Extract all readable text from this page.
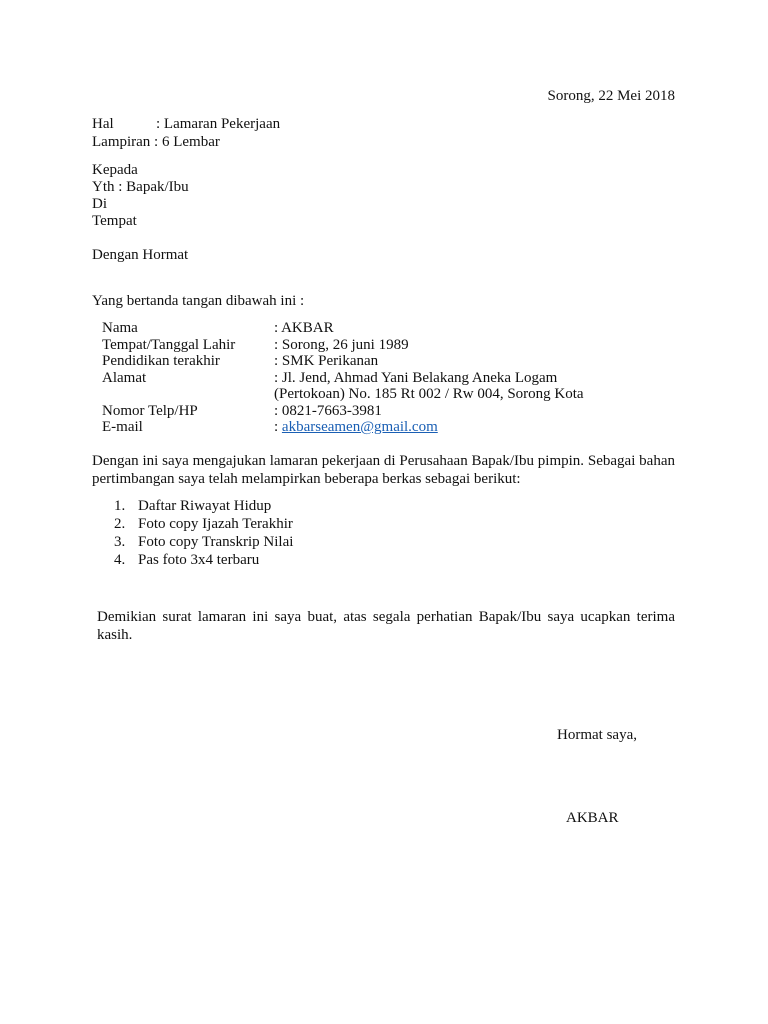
Sorong, 22 Mei 2018
Hal	: Lamaran Pekerjaan
Lampiran : 6 Lembar
Kepada
Yth : Bapak/Ibu
Di
Tempat
Dengan Hormat
Yang bertanda tangan dibawah ini :
Nama	: AKBAR
Tempat/Tanggal Lahir	: Sorong, 26 juni 1989
Pendidikan terakhir	: SMK Perikanan
Alamat	: Jl. Jend, Ahmad Yani Belakang Aneka Logam
(Pertokoan) No. 185 Rt 002 / Rw 004, Sorong Kota
Nomor Telp/HP	: 0821-7663-3981
E-mail	: akbarseamen@gmail.com
Dengan ini saya mengajukan lamaran pekerjaan di Perusahaan Bapak/Ibu pimpin. Sebagai bahan pertimbangan saya telah melampirkan beberapa berkas sebagai berikut:
1. Daftar Riwayat Hidup
2. Foto copy Ijazah Terakhir
3. Foto copy Transkrip Nilai
4. Pas foto 3x4 terbaru
Demikian surat lamaran ini saya buat, atas segala perhatian Bapak/Ibu saya ucapkan terima kasih.
Hormat saya,
AKBAR
